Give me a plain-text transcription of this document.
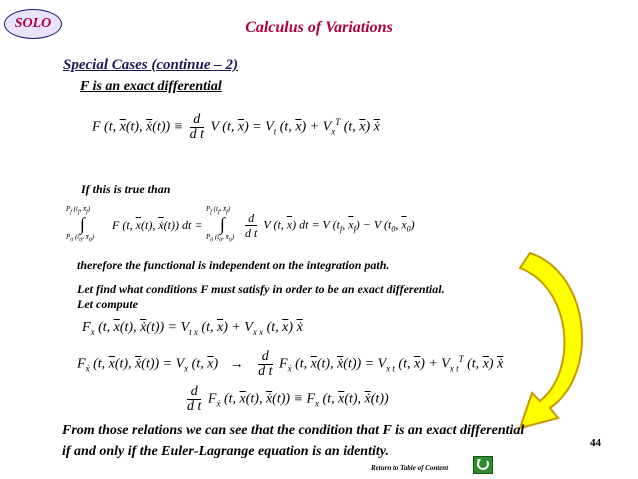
SOLO	Calculus of Variations
Special Cases (continue – 2)
F is an exact differential
F (t, $\overline{x}(t)$, $\overline{ẋ}(t)) \equiv \frac{d}{\text{d t}}$ V (t, $\overline{x}) = V_t$ (t, $\overline{x}) + V_x^T$ (t, $\overline{x}$) $\overline{ẋ}$
If this is true than
$P_f$ ($t_f$, $x̄_f$)
∫
$P_0$ ($t_0$, $x̄_0$)
F (t, $\overline{x}(t)$, $\overline{ẋ}(t)$) dt =
$P_f$ ($t_f$, $x̄_f$)
∫
$P_0$ ($t_0$, $x̄_0) \frac{d}{\text{d t}}$ V (t, $\overline{x}$) dt = V ($t_f$, $\overline{x}_f) - V$ ($t_0$, $\overline{x}_0$)
therefore the functional is independent on the integration path.
Let find what conditions F must satisfy in order to be an exact differential.
Let compute
$F_x$ (t, $\overline{x}(t)$, $\overline{ẋ}(t)) = V_{t x}$ (t, $\overline{x}) + V_{x x}$ (t, $\overline{x}$) $\overline{ẋ}$
$F_ẋ$ (t, $\overline{x}(t)$, $\overline{ẋ}(t)) = V_x$ (t, $\overline{x}) \to \frac{d}{\text{d t}} F_ẋ$ (t, $\overline{x}(t)$, $\overline{ẋ}(t)) = V_{x t}$ (t, $\overline{x}) + V_{x t}^T$ (t, $\overline{x}$) $\overline{ẋ}$
$\frac{d}{\text{d t}} F_ẋ$ (t, $\overline{x}(t)$, $\overline{ẋ}(t)) \equiv F_x$ (t, $\overline{x}(t)$, $\overline{ẋ}(t)$)
From those relations we can see that the condition that F is an exact differential if and only if the Euler-Lagrange equation is an identity.
44
Return to Table of Content
